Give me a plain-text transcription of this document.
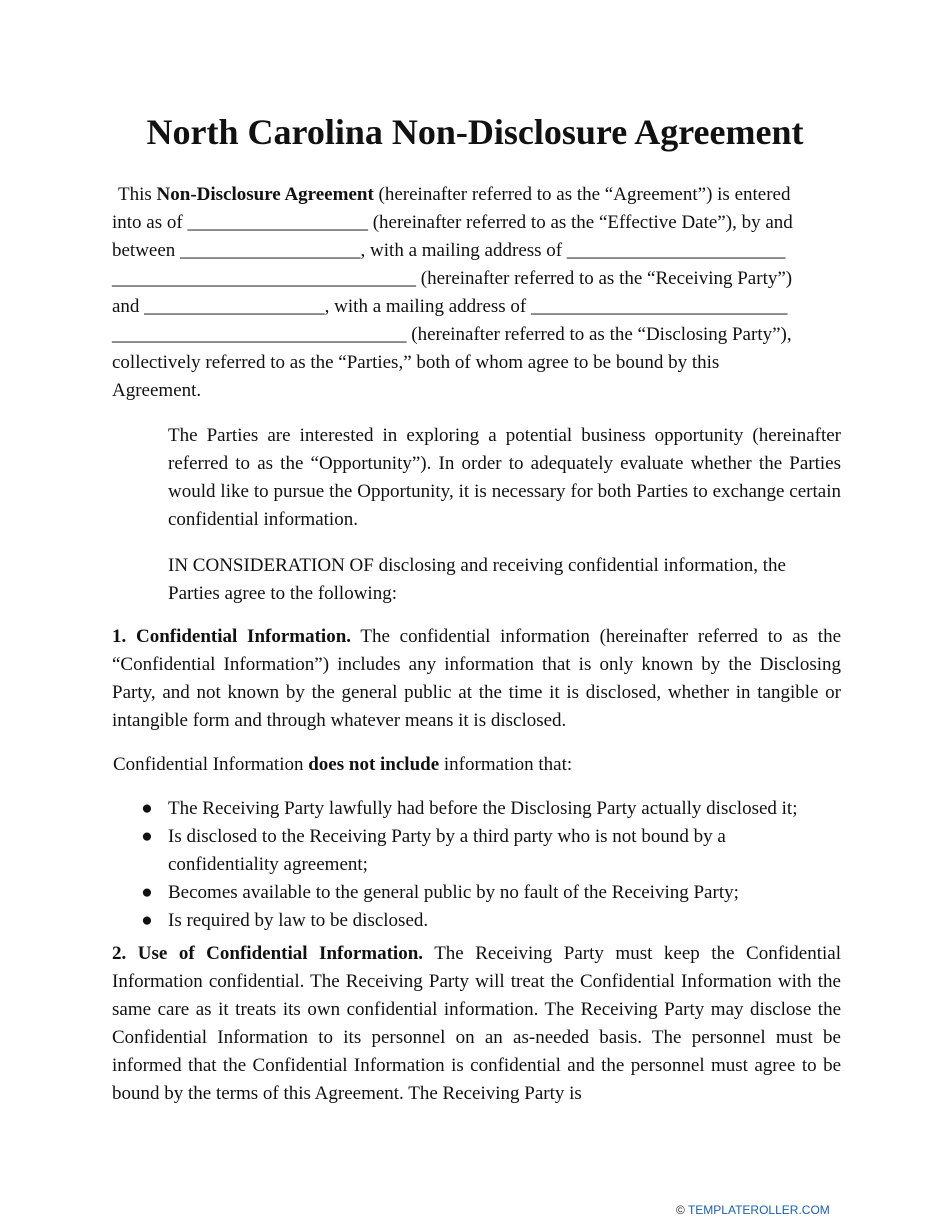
North Carolina Non-Disclosure Agreement
This Non-Disclosure Agreement (hereinafter referred to as the “Agreement”) is entered
into as of ___________________ (hereinafter referred to as the “Effective Date”), by and
between ___________________, with a mailing address of _______________________
________________________________ (hereinafter referred to as the “Receiving Party”)
and ___________________, with a mailing address of ___________________________
_______________________________ (hereinafter referred to as the “Disclosing Party”),
collectively referred to as the “Parties,” both of whom agree to be bound by this
Agreement.

The Parties are interested in exploring a potential business opportunity (hereinafter referred to as the “Opportunity”). In order to adequately evaluate whether the Parties would like to pursue the Opportunity, it is necessary for both Parties to exchange certain confidential information.

IN CONSIDERATION OF disclosing and receiving confidential information, the
Parties agree to the following:

1. Confidential Information. The confidential information (hereinafter referred to as the “Confidential Information”) includes any information that is only known by the Disclosing Party, and not known by the general public at the time it is disclosed, whether in tangible or intangible form and through whatever means it is disclosed.

Confidential Information does not include information that:

● The Receiving Party lawfully had before the Disclosing Party actually disclosed it;
● Is disclosed to the Receiving Party by a third party who is not bound by a confidentiality agreement;
● Becomes available to the general public by no fault of the Receiving Party;
● Is required by law to be disclosed.

2. Use of Confidential Information. The Receiving Party must keep the Confidential Information confidential. The Receiving Party will treat the Confidential Information with the same care as it treats its own confidential information. The Receiving Party may disclose the Confidential Information to its personnel on an as-needed basis. The personnel must be informed that the Confidential Information is confidential and the personnel must agree to be bound by the terms of this Agreement. The Receiving Party is

© TEMPLATEROLLER.COM
